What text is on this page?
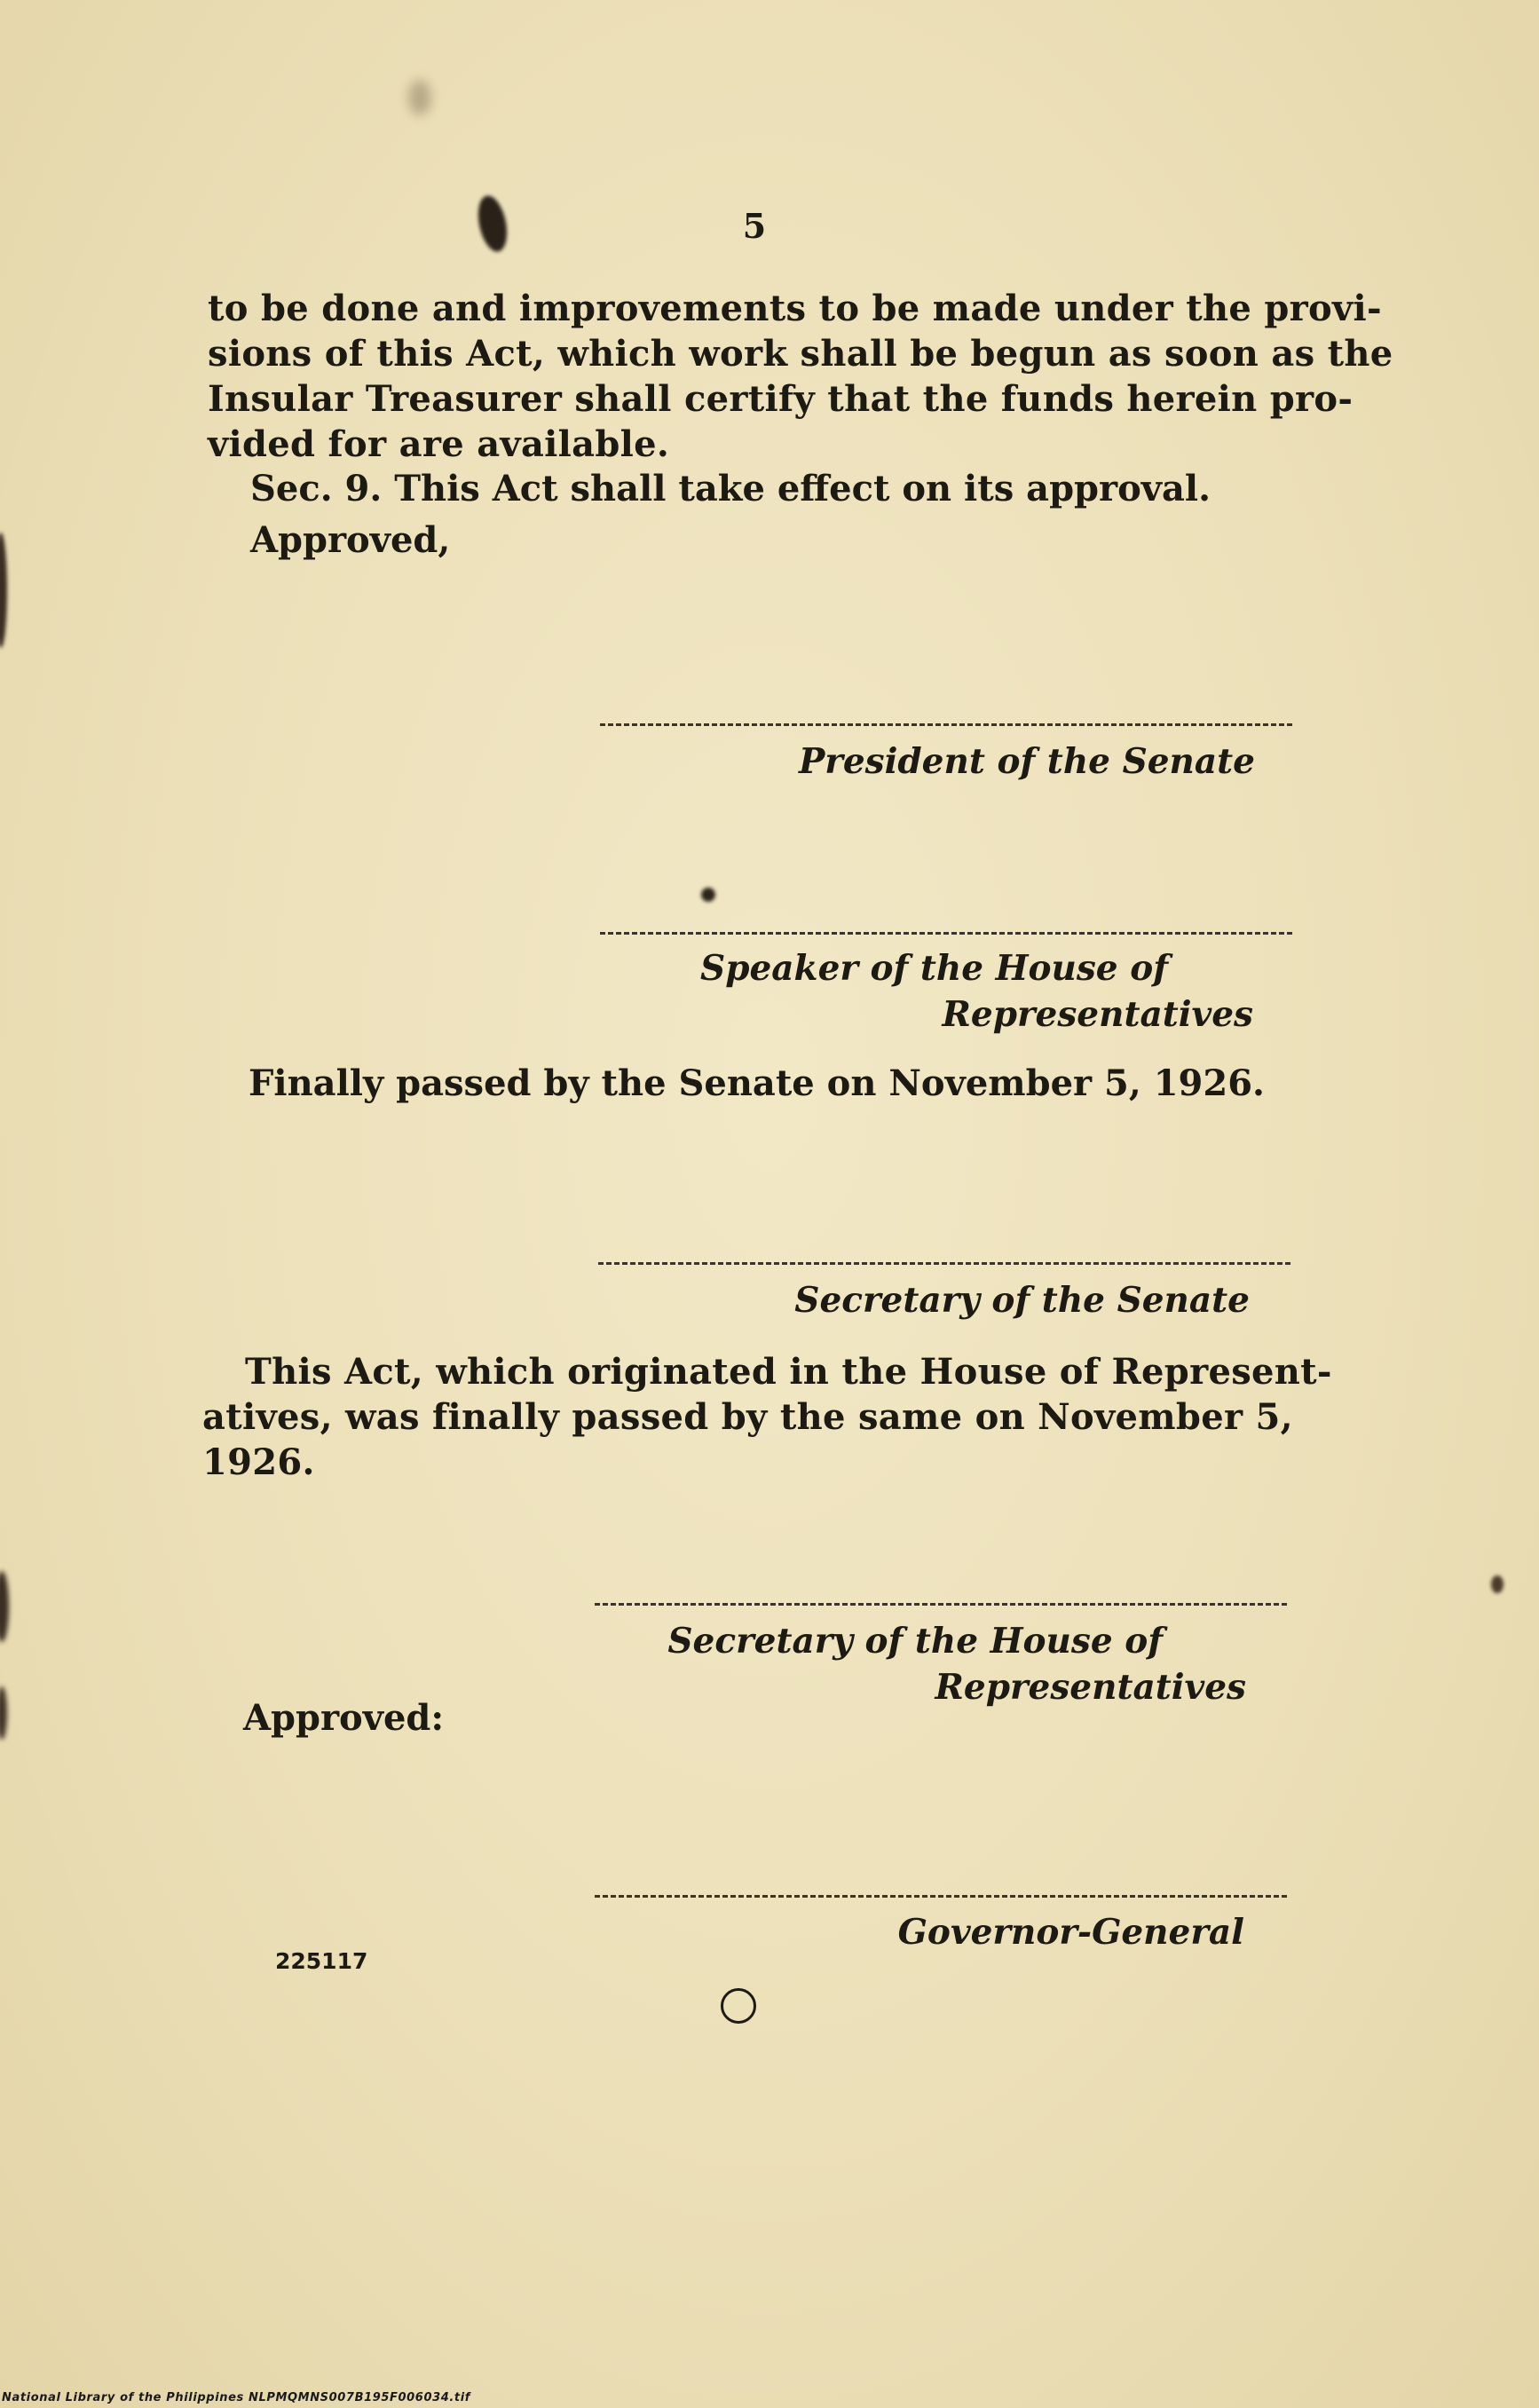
5
to be done and improvements to be made under the provi-
sions of this Act, which work shall be begun as soon as the
Insular Treasurer shall certify that the funds herein pro-
vided for are available.
Sec. 9. This Act shall take effect on its approval.
Approved,
President of the Senate
Speaker of the House of
Representatives
Finally passed by the Senate on November 5, 1926.
Secretary of the Senate
This Act, which originated in the House of Represent-
atives, was finally passed by the same on November 5,
1926.
Secretary of the House of
Representatives
Approved:
Governor-General
225117
National Library of the Philippines NLPMQMNS007B195F006034.tif
